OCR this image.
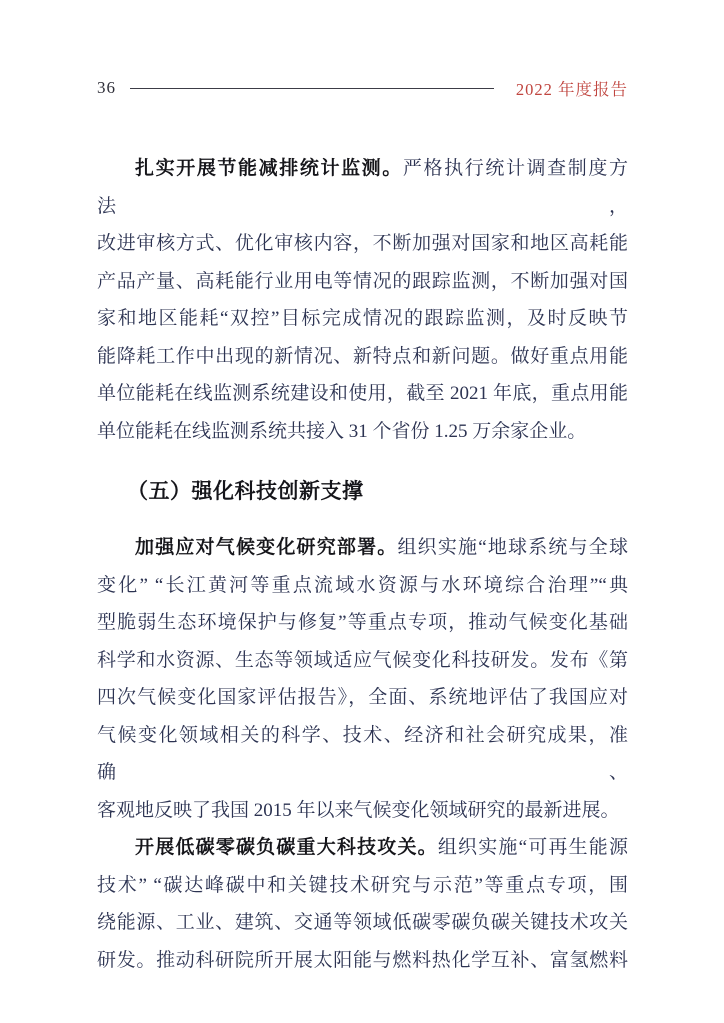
36	2022 年度报告
扎实开展节能减排统计监测。严格执行统计调查制度方法，
改进审核方式、优化审核内容，不断加强对国家和地区高耗能
产品产量、高耗能行业用电等情况的跟踪监测，不断加强对国
家和地区能耗“双控”目标完成情况的跟踪监测，及时反映节
能降耗工作中出现的新情况、新特点和新问题。做好重点用能
单位能耗在线监测系统建设和使用，截至 2021 年底，重点用能
单位能耗在线监测系统共接入 31 个省份 1.25 万余家企业。
（五）强化科技创新支撑
加强应对气候变化研究部署。组织实施“地球系统与全球
变化” “长江黄河等重点流域水资源与水环境综合治理”“典
型脆弱生态环境保护与修复”等重点专项，推动气候变化基础
科学和水资源、生态等领域适应气候变化科技研发。发布《第
四次气候变化国家评估报告》，全面、系统地评估了我国应对
气候变化领域相关的科学、技术、经济和社会研究成果，准确、
客观地反映了我国 2015 年以来气候变化领域研究的最新进展。
开展低碳零碳负碳重大科技攻关。组织实施“可再生能源
技术” “碳达峰碳中和关键技术研究与示范”等重点专项，围
绕能源、工业、建筑、交通等领域低碳零碳负碳关键技术攻关
研发。推动科研院所开展太阳能与燃料热化学互补、富氢燃料
